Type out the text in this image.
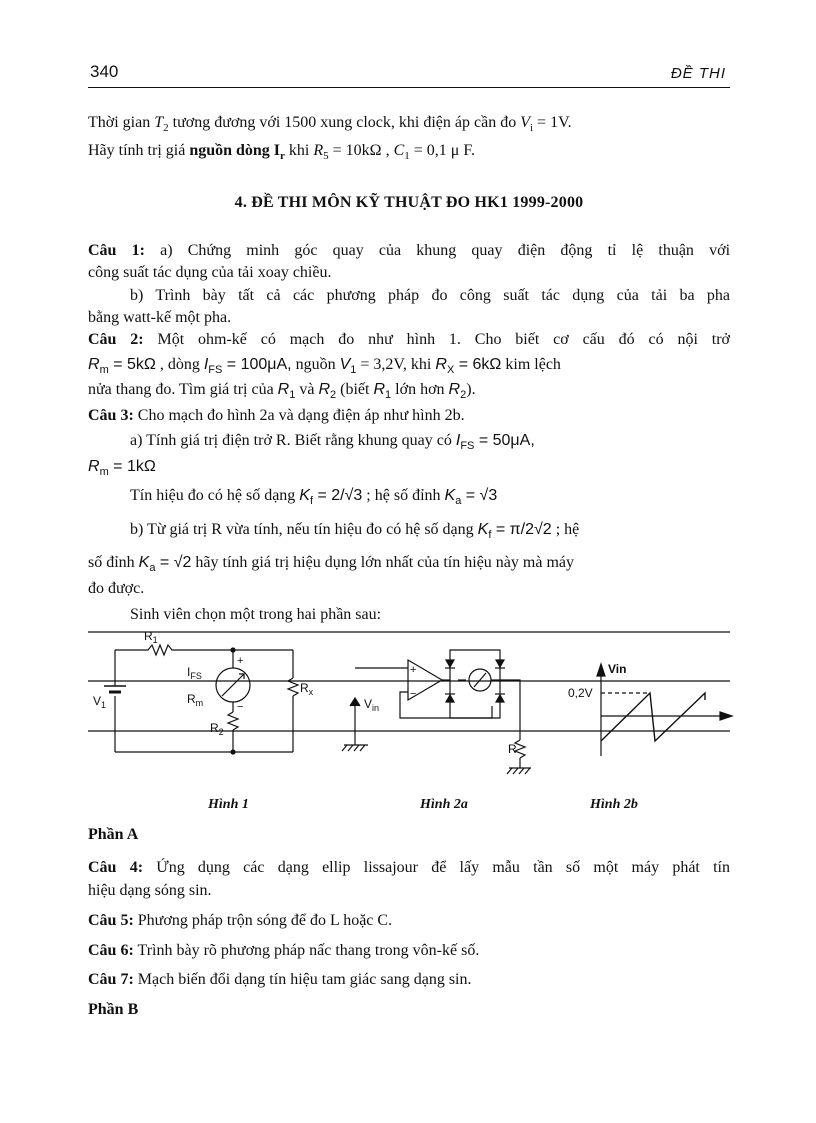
340	ĐỀ THI
Thời gian $T_2$ tương đương với 1500 xung clock, khi điện áp cần đo $V_i = 1V$.
Hãy tính trị giá nguồn dòng $I_r$ khi $R_5 = 10k\Omega$ , $C_1 = 0,1$ μ F.
4. ĐỀ THI MÔN KỸ THUẬT ĐO HK1 1999-2000
Câu 1: a) Chứng minh góc quay của khung quay điện động tỉ lệ thuận với
công suất tác dụng của tải xoay chiều.
b) Trình bày tất cả các phương pháp đo công suất tác dụng của tải ba pha
bằng watt-kế một pha.
Câu 2: Một ohm-kế có mạch đo như hình 1. Cho biết cơ cấu đó có nội trở
$R_m = 5k\Omega$ , dòng $I_{FS} = 100\mu A$, nguồn $V_1 = 3,2V$, khi $R_X = 6k\Omega$ kim lệch
nửa thang đo. Tìm giá trị của $R_1$ và $R_2$ (biết $R_1$ lớn hơn $R_2$).
Câu 3: Cho mạch đo hình 2a và dạng điện áp như hình 2b.
a) Tính giá trị điện trở R. Biết rằng khung quay có $I_{FS} = 50\mu A$,
$R_m = 1k\Omega$
Tín hiệu đo có hệ số dạng $K_f = 2/√3$ ; hệ số đỉnh $K_a = √3$
b) Từ giá trị R vừa tính, nếu tín hiệu đo có hệ số dạng $K_f = \pi/2√2$ ; hệ
số đỉnh $K_a = √2$ hãy tính giá trị hiệu dụng lớn nhất của tín hiệu này mà máy
đo được.
Sinh viên chọn một trong hai phần sau:
$R_1$
$I_{FS}$
$R_m$
$R_2$
$R_x$
$V_1$
+
−	$V_{in}$
R
+
−
Vin
0,2V
Hình 1	Hình 2a	Hình 2b
Phần A
Câu 4: Ứng dụng các dạng ellip lissajour để lấy mẫu tần số một máy phát tín
hiệu dạng sóng sin.
Câu 5: Phương pháp trộn sóng để đo L hoặc C.
Câu 6: Trình bày rõ phương pháp nấc thang trong vôn-kế số.
Câu 7: Mạch biến đổi dạng tín hiệu tam giác sang dạng sin.
Phần B
